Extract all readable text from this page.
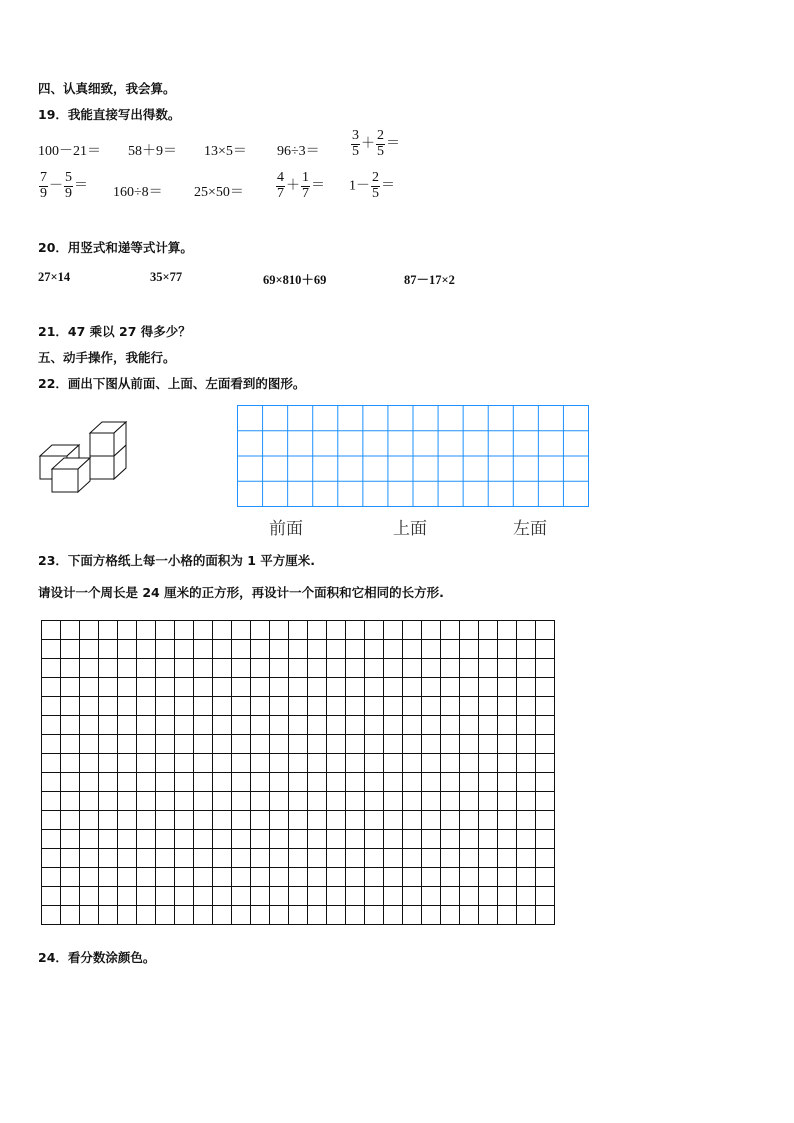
四、认真细致，我会算。
19．我能直接写出得数。
$100-21= 58+9= 13\times 5= 96\div 3= \frac{3}{5} + \frac{2}{5}$ ＝
$\frac{7}{9} - \frac{5}{9} = 160\div 8= 25\times 50= \frac{4}{7} + \frac{1}{7} = 1- \frac{2}{5}$ ＝
20．用竖式和递等式计算。
27×14	35×77	69×810＋69	87－17×2
21．47 乘以 27 得多少？
五、动手操作，我能行。
22．画出下图从前面、上面、左面看到的图形。
前面	上面	左面
23．下面方格纸上每一小格的面积为 1 平方厘米.
请设计一个周长是 24 厘米的正方形，再设计一个面积和它相同的长方形.
24．看分数涂颜色。
